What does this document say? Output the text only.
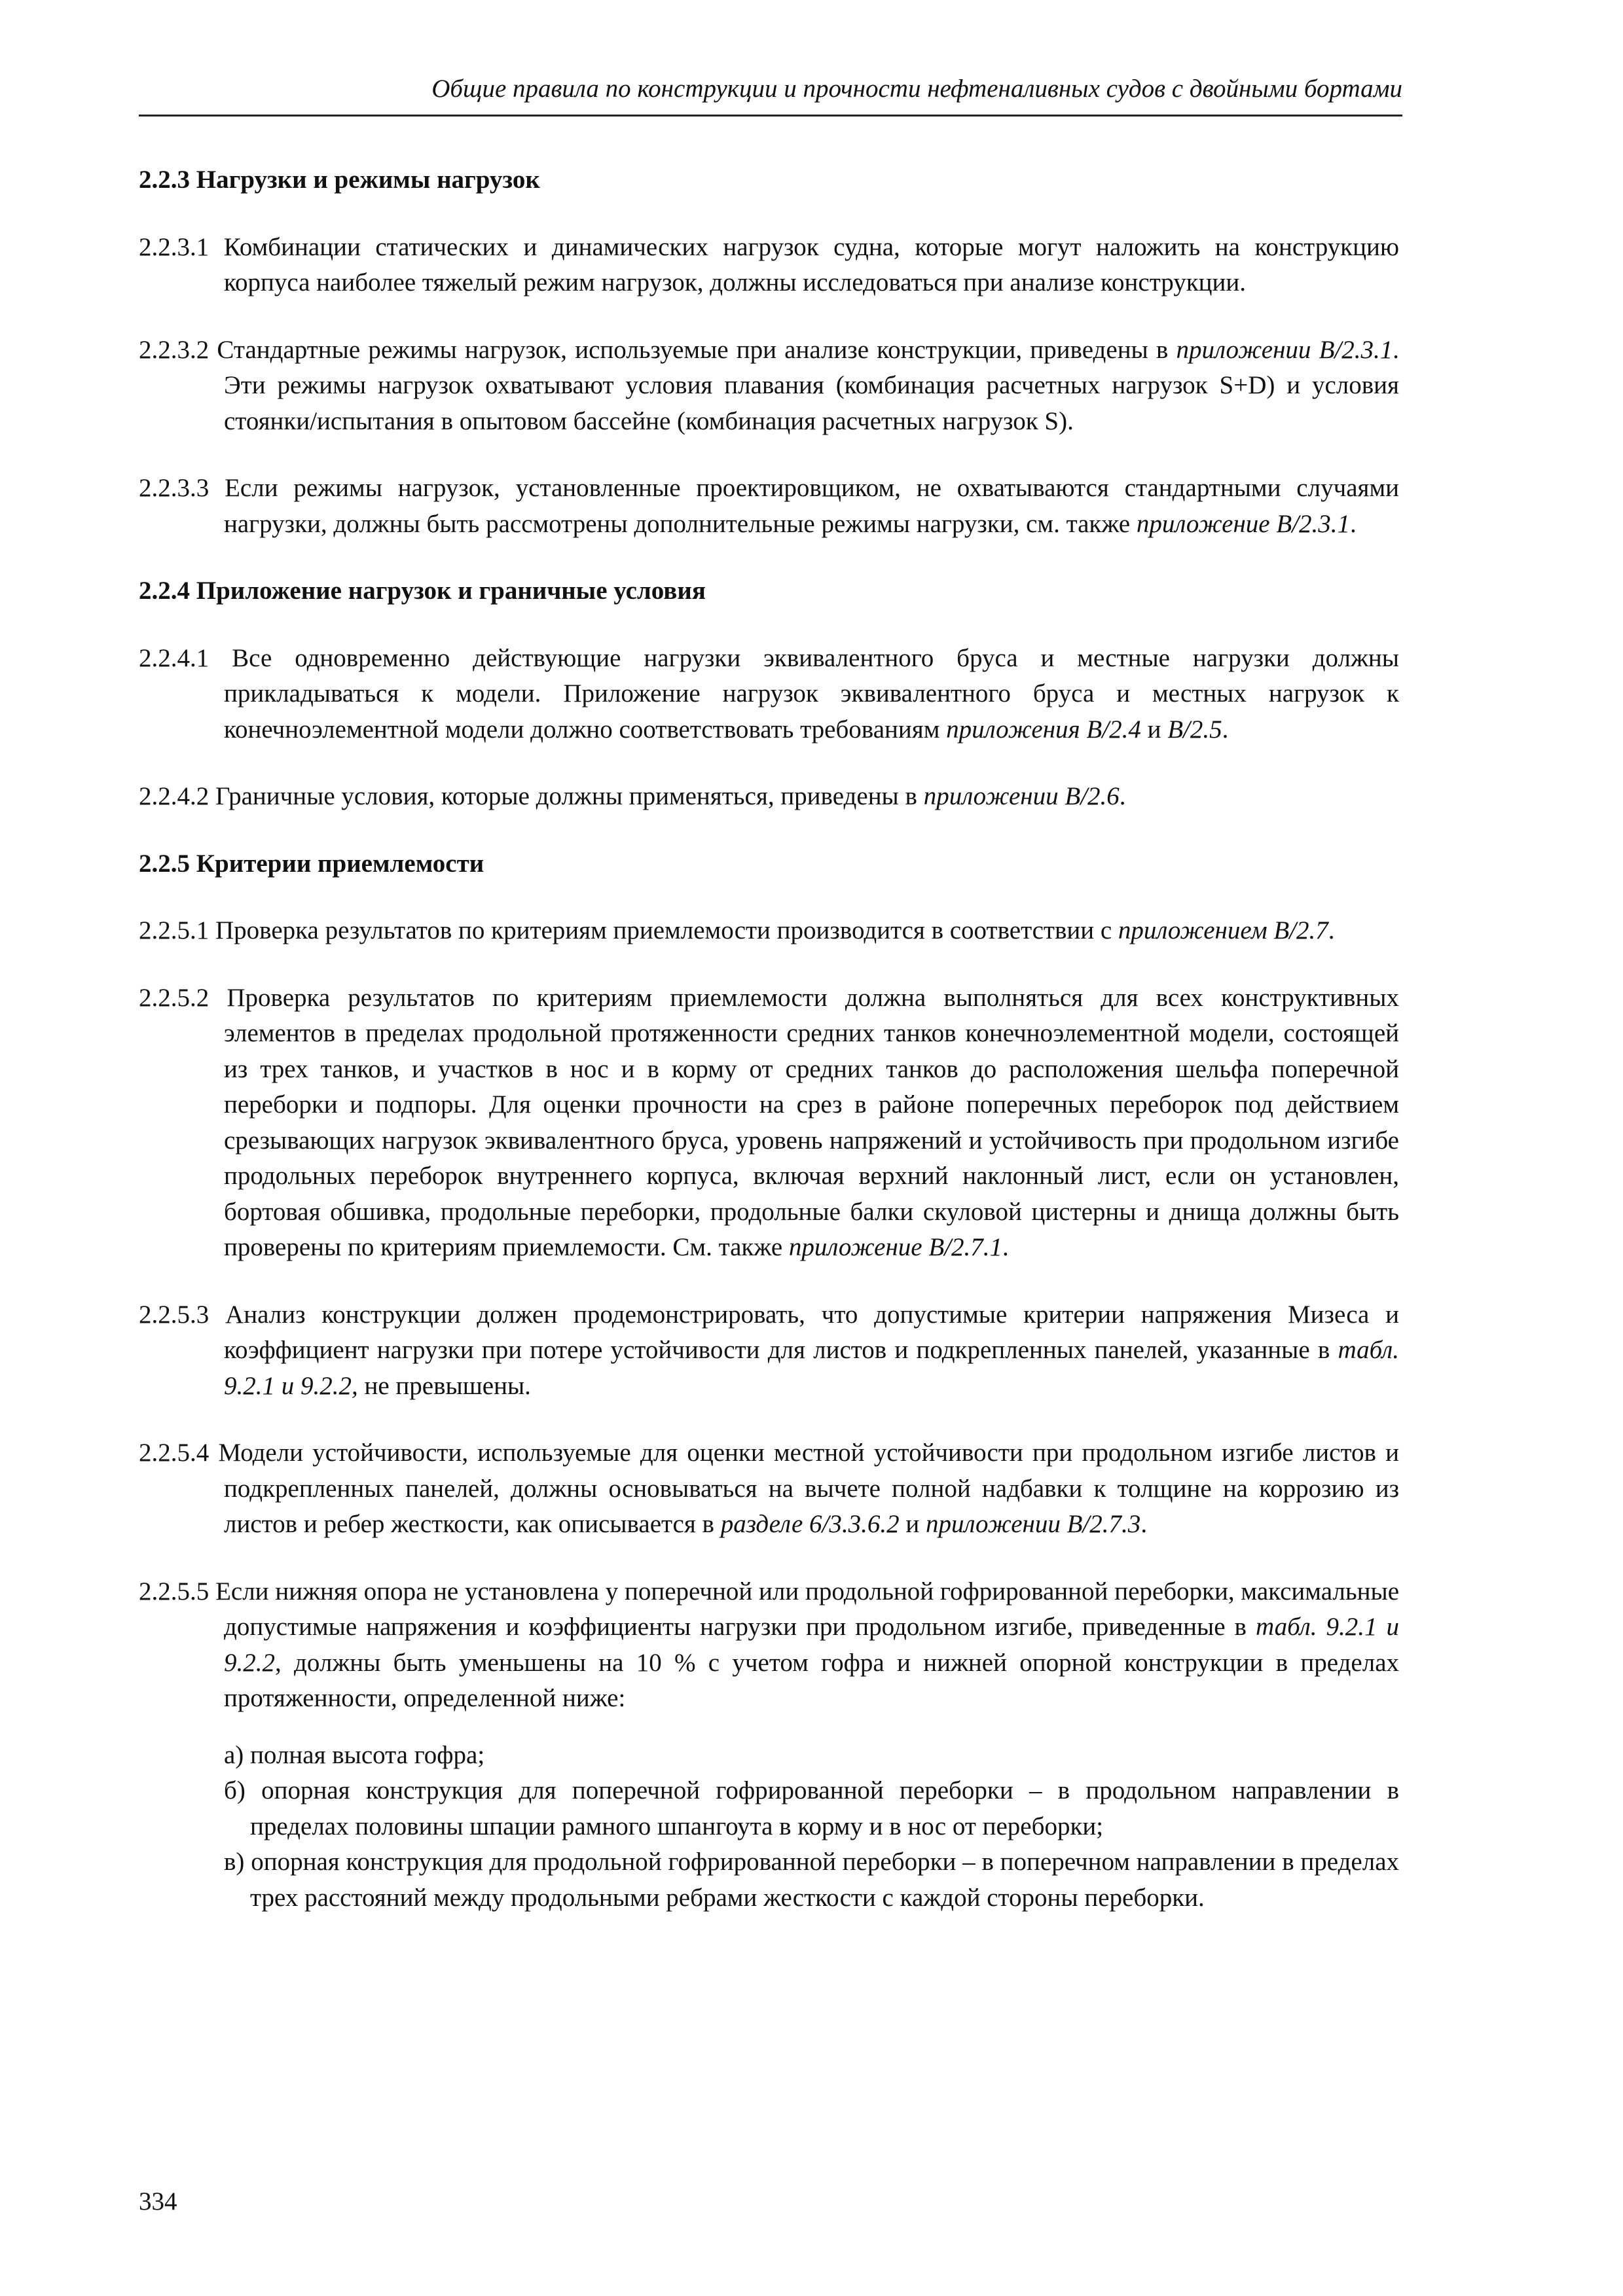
Общие правила по конструкции и прочности нефтеналивных судов с двойными бортами
2.2.3 Нагрузки и режимы нагрузок

2.2.3.1 Комбинации статических и динамических нагрузок судна, которые могут наложить на конструкцию корпуса наиболее тяжелый режим нагрузок, должны исследоваться при анализе конструкции.

2.2.3.2 Стандартные режимы нагрузок, используемые при анализе конструкции, приведены в приложении B/2.3.1. Эти режимы нагрузок охватывают условия плавания (комбинация расчетных нагрузок S+D) и условия стоянки/испытания в опытовом бассейне (комбинация расчетных нагрузок S).

2.2.3.3 Если режимы нагрузок, установленные проектировщиком, не охватываются стандартными случаями нагрузки, должны быть рассмотрены дополнительные режимы нагрузки, см. также приложение B/2.3.1.

2.2.4 Приложение нагрузок и граничные условия

2.2.4.1 Все одновременно действующие нагрузки эквивалентного бруса и местные нагрузки должны прикладываться к модели. Приложение нагрузок эквивалентного бруса и местных нагрузок к конечноэлементной модели должно соответствовать требованиям приложения B/2.4 и B/2.5.

2.2.4.2 Граничные условия, которые должны применяться, приведены в приложении B/2.6.

2.2.5 Критерии приемлемости

2.2.5.1 Проверка результатов по критериям приемлемости производится в соответствии с приложением B/2.7.

2.2.5.2 Проверка результатов по критериям приемлемости должна выполняться для всех конструктивных элементов в пределах продольной протяженности средних танков конечноэлементной модели, состоящей из трех танков, и участков в нос и в корму от средних танков до расположения шельфа поперечной переборки и подпоры. Для оценки прочности на срез в районе поперечных переборок под действием срезывающих нагрузок эквивалентного бруса, уровень напряжений и устойчивость при продольном изгибе продольных переборок внутреннего корпуса, включая верхний наклонный лист, если он установлен, бортовая обшивка, продольные переборки, продольные балки скуловой цистерны и днища должны быть проверены по критериям приемлемости. См. также приложение B/2.7.1.

2.2.5.3 Анализ конструкции должен продемонстрировать, что допустимые критерии напряжения Мизеса и коэффициент нагрузки при потере устойчивости для листов и подкрепленных панелей, указанные в табл. 9.2.1 и 9.2.2, не превышены.

2.2.5.4 Модели устойчивости, используемые для оценки местной устойчивости при продольном изгибе листов и подкрепленных панелей, должны основываться на вычете полной надбавки к толщине на коррозию из листов и ребер жесткости, как описывается в разделе 6/3.3.6.2 и приложении B/2.7.3.

2.2.5.5 Если нижняя опора не установлена у поперечной или продольной гофрированной переборки, максимальные допустимые напряжения и коэффициенты нагрузки при продольном изгибе, приведенные в табл. 9.2.1 и 9.2.2, должны быть уменьшены на 10 % с учетом гофра и нижней опорной конструкции в пределах протяженности, определенной ниже:

а) полная высота гофра;

б) опорная конструкция для поперечной гофрированной переборки – в продольном направлении в пределах половины шпации рамного шпангоута в корму и в нос от переборки;

в) опорная конструкция для продольной гофрированной переборки – в поперечном направлении в пределах трех расстояний между продольными ребрами жесткости с каждой стороны переборки.

334
